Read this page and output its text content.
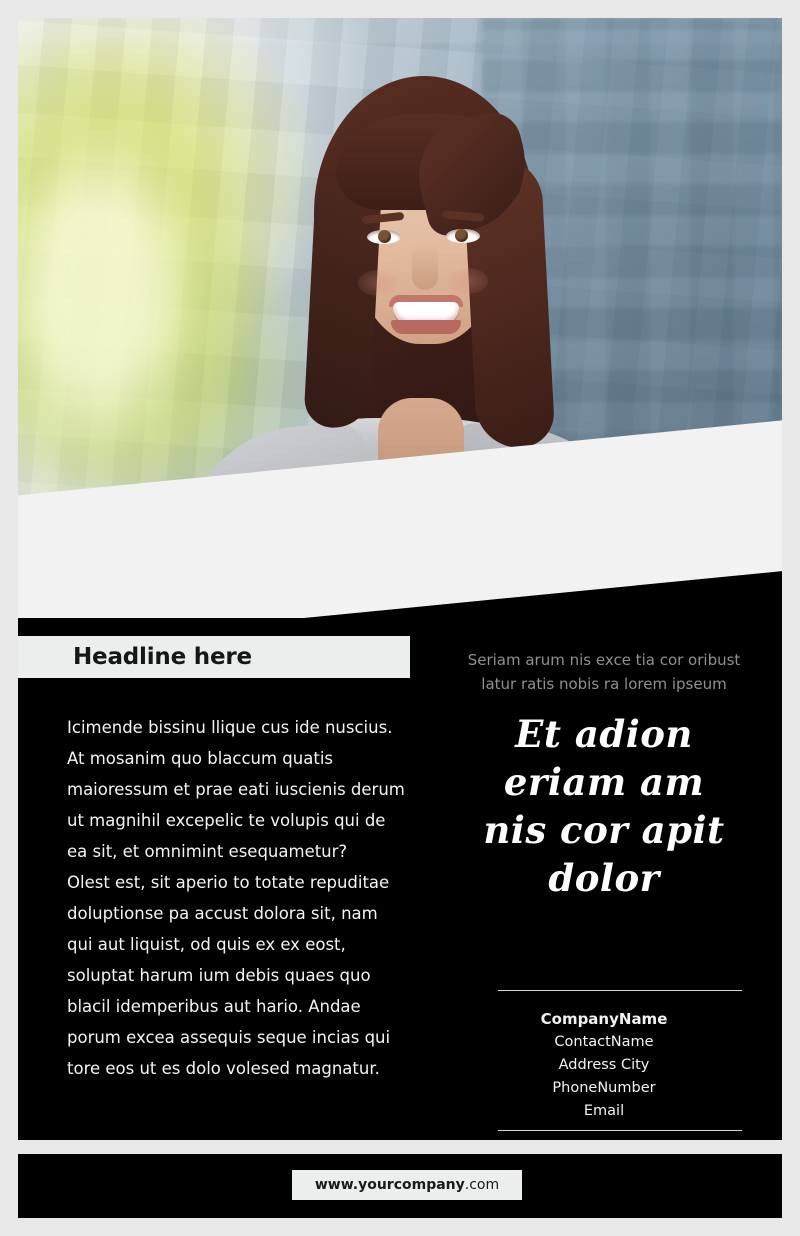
Headline here

Icimende bissinu llique cus ide nuscius. At mosanim quo blaccum quatis maioressum et prae eati iuscienis derum ut magnihil excepelic te volupis qui de ea sit, et omnimint esequametur?

Olest est, sit aperio to totate repuditae doluptionse pa accust dolora sit, nam qui aut liquist, od quis ex ex eost, soluptat harum ium debis quaes quo blacil idemperibus aut hario. Andae porum excea assequis seque incias qui tore eos ut es dolo volesed magnatur.

Seriam arum nis exce tia cor oribust latur ratis nobis ra lorem ipseum
Et adion eriam am nis cor apit dolor
CompanyName
ContactName
Address City
PhoneNumber
Email
www.yourcompany .com
